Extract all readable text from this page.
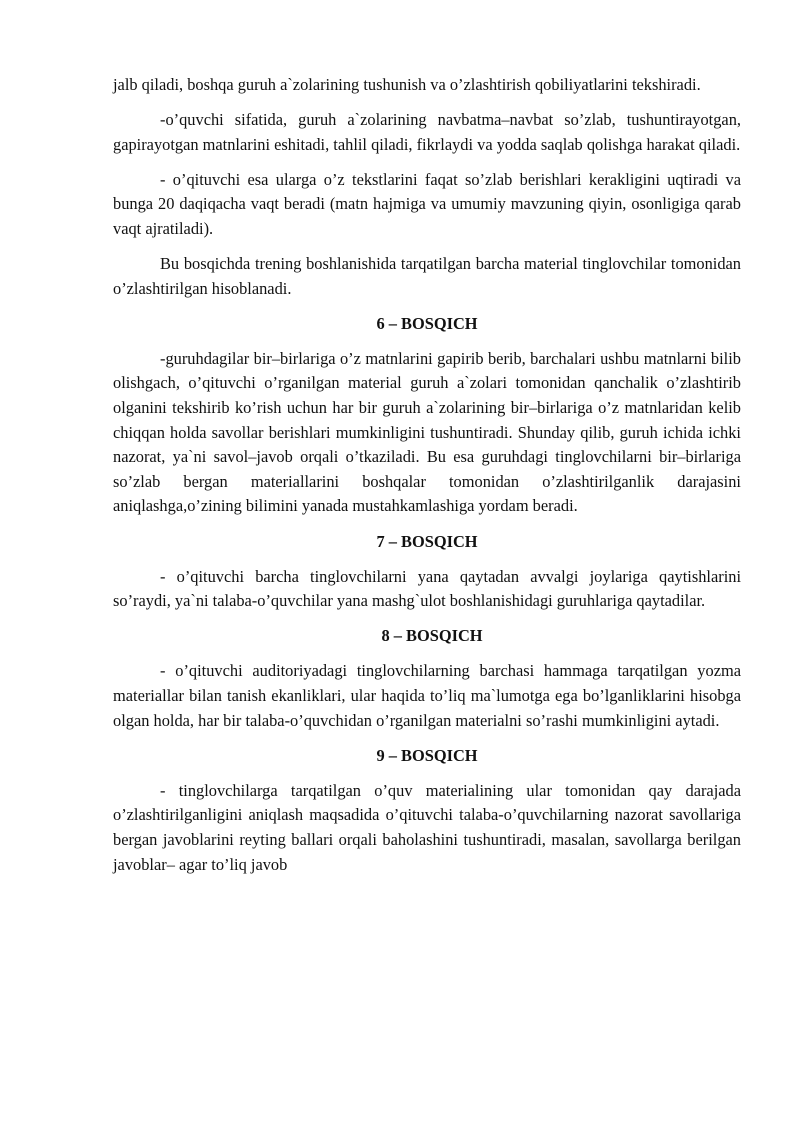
jalb qiladi, boshqa guruh a`zolarining tushunish va o’zlashtirish qobiliyatlarini tekshiradi.

-o’quvchi sifatida, guruh a`zolarining navbatma–navbat so’zlab, tushuntirayotgan, gapirayotgan matnlarini eshitadi, tahlil qiladi, fikrlaydi va yodda saqlab qolishga harakat qiladi.

- o’qituvchi esa ularga o’z tekstlarini faqat so’zlab berishlari kerakligini uqtiradi va bunga 20 daqiqacha vaqt beradi (matn hajmiga va umumiy mavzuning qiyin, osonligiga qarab vaqt ajratiladi).

Bu bosqichda trening boshlanishida tarqatilgan barcha material tinglovchilar tomonidan o’zlashtirilgan hisoblanadi.

6 – BOSQICH

-guruhdagilar bir–birlariga o’z matnlarini gapirib berib, barchalari ushbu matnlarni bilib olishgach, o’qituvchi o’rganilgan material guruh a`zolari tomonidan qanchalik o’zlashtirib olganini tekshirib ko’rish uchun har bir guruh a`zolarining bir–birlariga o’z matnlaridan kelib chiqqan holda savollar berishlari mumkinligini tushuntiradi. Shunday qilib, guruh ichida ichki nazorat, ya`ni savol–javob orqali o’tkaziladi. Bu esa guruhdagi tinglovchilarni bir–birlariga so’zlab bergan materiallarini boshqalar tomonidan o’zlashtirilganlik darajasini aniqlashga,o’zining bilimini yanada mustahkamlashiga yordam beradi.

7 – BOSQICH

- o’qituvchi barcha tinglovchilarni yana qaytadan avvalgi joylariga qaytishlarini so’raydi, ya`ni talaba-o’quvchilar yana mashg`ulot boshlanishidagi guruhlariga qaytadilar.

8 – BOSQICH

- o’qituvchi auditoriyadagi tinglovchilarning barchasi hammaga tarqatilgan yozma materiallar bilan tanish ekanliklari, ular haqida to’liq ma`lumotga ega bo’lganliklarini hisobga olgan holda, har bir talaba-o’quvchidan o’rganilgan materialni so’rashi mumkinligini aytadi.

9 – BOSQICH

- tinglovchilarga tarqatilgan o’quv materialining ular tomonidan qay darajada o’zlashtirilganligini aniqlash maqsadida o’qituvchi talaba-o’quvchilarning nazorat savollariga bergan javoblarini reyting ballari orqali baholashini tushuntiradi, masalan, savollarga berilgan javoblar– agar to’liq javob
